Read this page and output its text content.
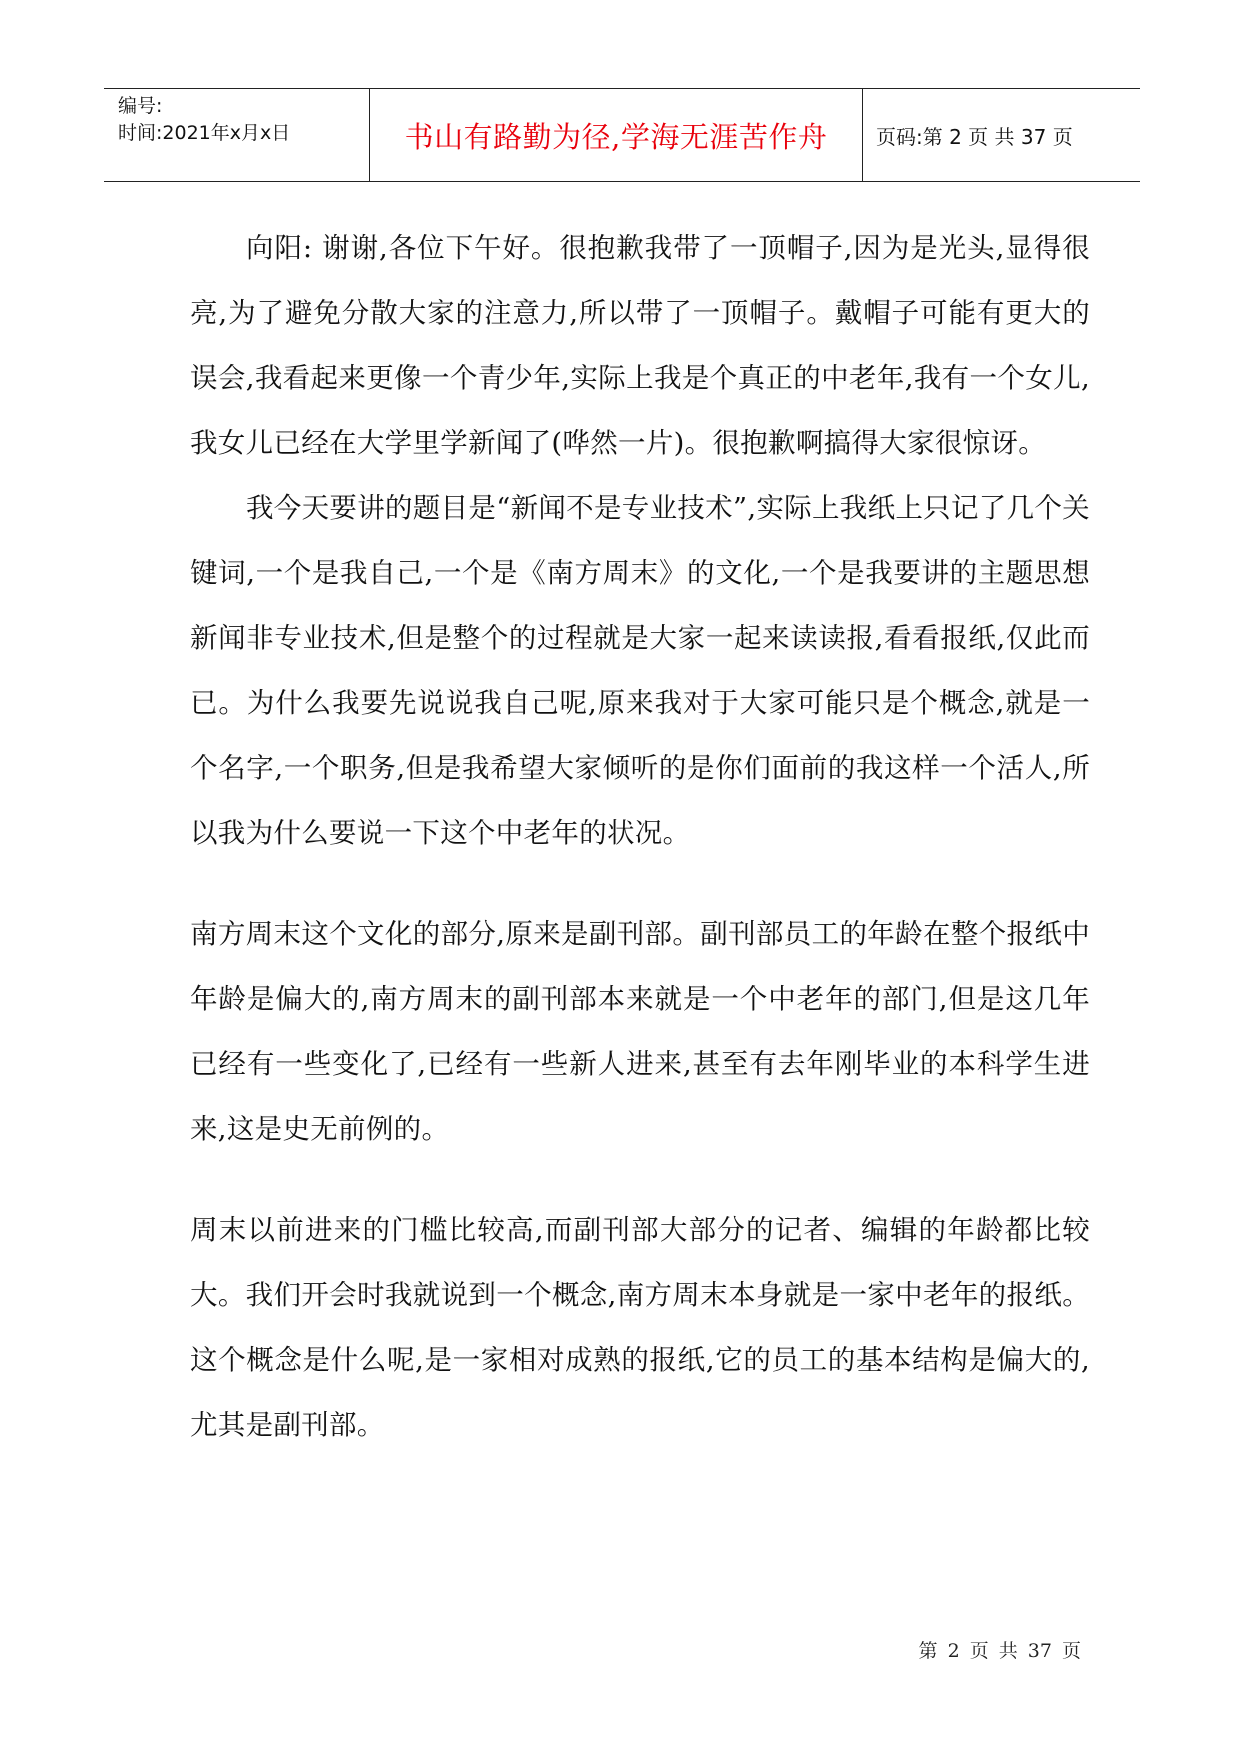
编号:
时间:2021年x月x日	书山有路勤为径,学海无涯苦作舟	页码:第 2 页 共 37 页

向阳: 谢谢,各位下午好。很抱歉我带了一顶帽子,因为是光头,显得很亮,为了避免分散大家的注意力,所以带了一顶帽子。戴帽子可能有更大的误会,我看起来更像一个青少年,实际上我是个真正的中老年,我有一个女儿,我女儿已经在大学里学新闻了(哗然一片)。很抱歉啊搞得大家很惊讶。

我今天要讲的题目是“新闻不是专业技术”,实际上我纸上只记了几个关键词,一个是我自己,一个是《南方周末》的文化,一个是我要讲的主题思想新闻非专业技术,但是整个的过程就是大家一起来读读报,看看报纸,仅此而已。为什么我要先说说我自己呢,原来我对于大家可能只是个概念,就是一个名字,一个职务,但是我希望大家倾听的是你们面前的我这样一个活人,所以我为什么要说一下这个中老年的状况。

南方周末这个文化的部分,原来是副刊部。副刊部员工的年龄在整个报纸中年龄是偏大的,南方周末的副刊部本来就是一个中老年的部门,但是这几年已经有一些变化了,已经有一些新人进来,甚至有去年刚毕业的本科学生进来,这是史无前例的。

周末以前进来的门槛比较高,而副刊部大部分的记者、编辑的年龄都比较大。我们开会时我就说到一个概念,南方周末本身就是一家中老年的报纸。这个概念是什么呢,是一家相对成熟的报纸,它的员工的基本结构是偏大的,尤其是副刊部。

第 2 页 共 37 页
